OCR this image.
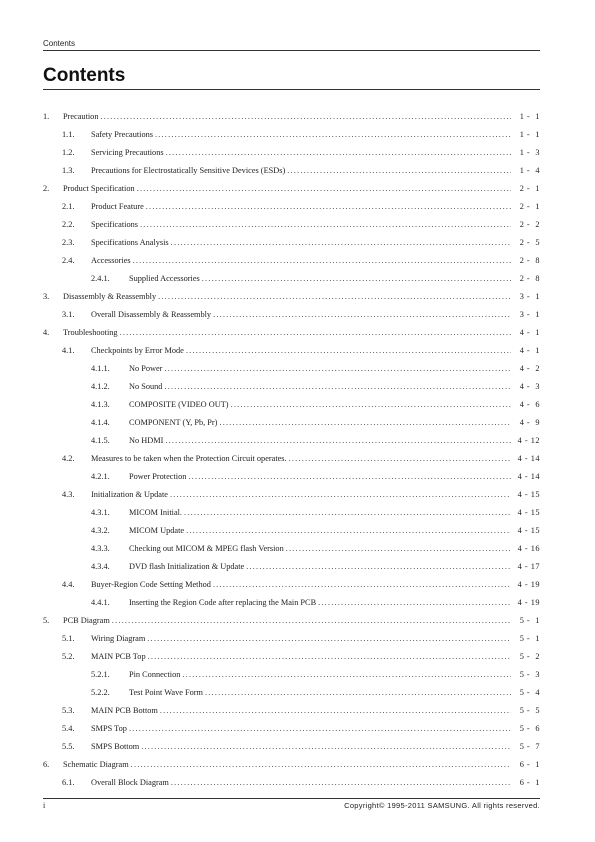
Contents
Contents
1.	Precaution .....	1 -  1
1.1.	Safety Precautions .....	1 -  1
1.2.	Servicing Precautions .....	1 -  3
1.3.	Precautions for Electrostatically Sensitive Devices (ESDs) .....	1 -  4
2.	Product Specification .....	2 -  1
2.1.	Product Feature .....	2 -  1
2.2.	Specifications .....	2 -  2
2.3.	Specifications Analysis .....	2 -  5
2.4.	Accessories .....	2 -  8
2.4.1.	Supplied Accessories .....	2 -  8
3.	Disassembly & Reassembly .....	3 -  1
3.1.	Overall Disassembly & Reassembly .....	3 -  1
4.	Troubleshooting .....	4 -  1
4.1.	Checkpoints by Error Mode .....	4 -  1
4.1.1.	No Power .....	4 -  2
4.1.2.	No Sound .....	4 -  3
4.1.3.	COMPOSITE (VIDEO OUT) .....	4 -  6
4.1.4.	COMPONENT (Y, Pb, Pr) .....	4 -  9
4.1.5.	No HDMI .....	4 - 12
4.2.	Measures to be taken when the Protection Circuit operates. .....	4 - 14
4.2.1.	Power Protection .....	4 - 14
4.3.	Initialization & Update .....	4 - 15
4.3.1.	MICOM Initial. .....	4 - 15
4.3.2.	MICOM Update .....	4 - 15
4.3.3.	Checking out MICOM & MPEG flash Version .....	4 - 16
4.3.4.	DVD flash Initialization & Update .....	4 - 17
4.4.	Buyer-Region Code Setting Method .....	4 - 19
4.4.1.	Inserting the Region Code after replacing the Main PCB .....	4 - 19
5.	PCB Diagram .....	5 -  1
5.1.	Wiring Diagram .....	5 -  1
5.2.	MAIN PCB Top .....	5 -  2
5.2.1.	Pin Connection .....	5 -  3
5.2.2.	Test Point Wave Form .....	5 -  4
5.3.	MAIN PCB Bottom .....	5 -  5
5.4.	SMPS Top .....	5 -  6
5.5.	SMPS Bottom .....	5 -  7
6.	Schematic Diagram .....	6 -  1
6.1.	Overall Block Diagram .....	6 -  1
i	Copyright© 1995-2011 SAMSUNG. All rights reserved.
